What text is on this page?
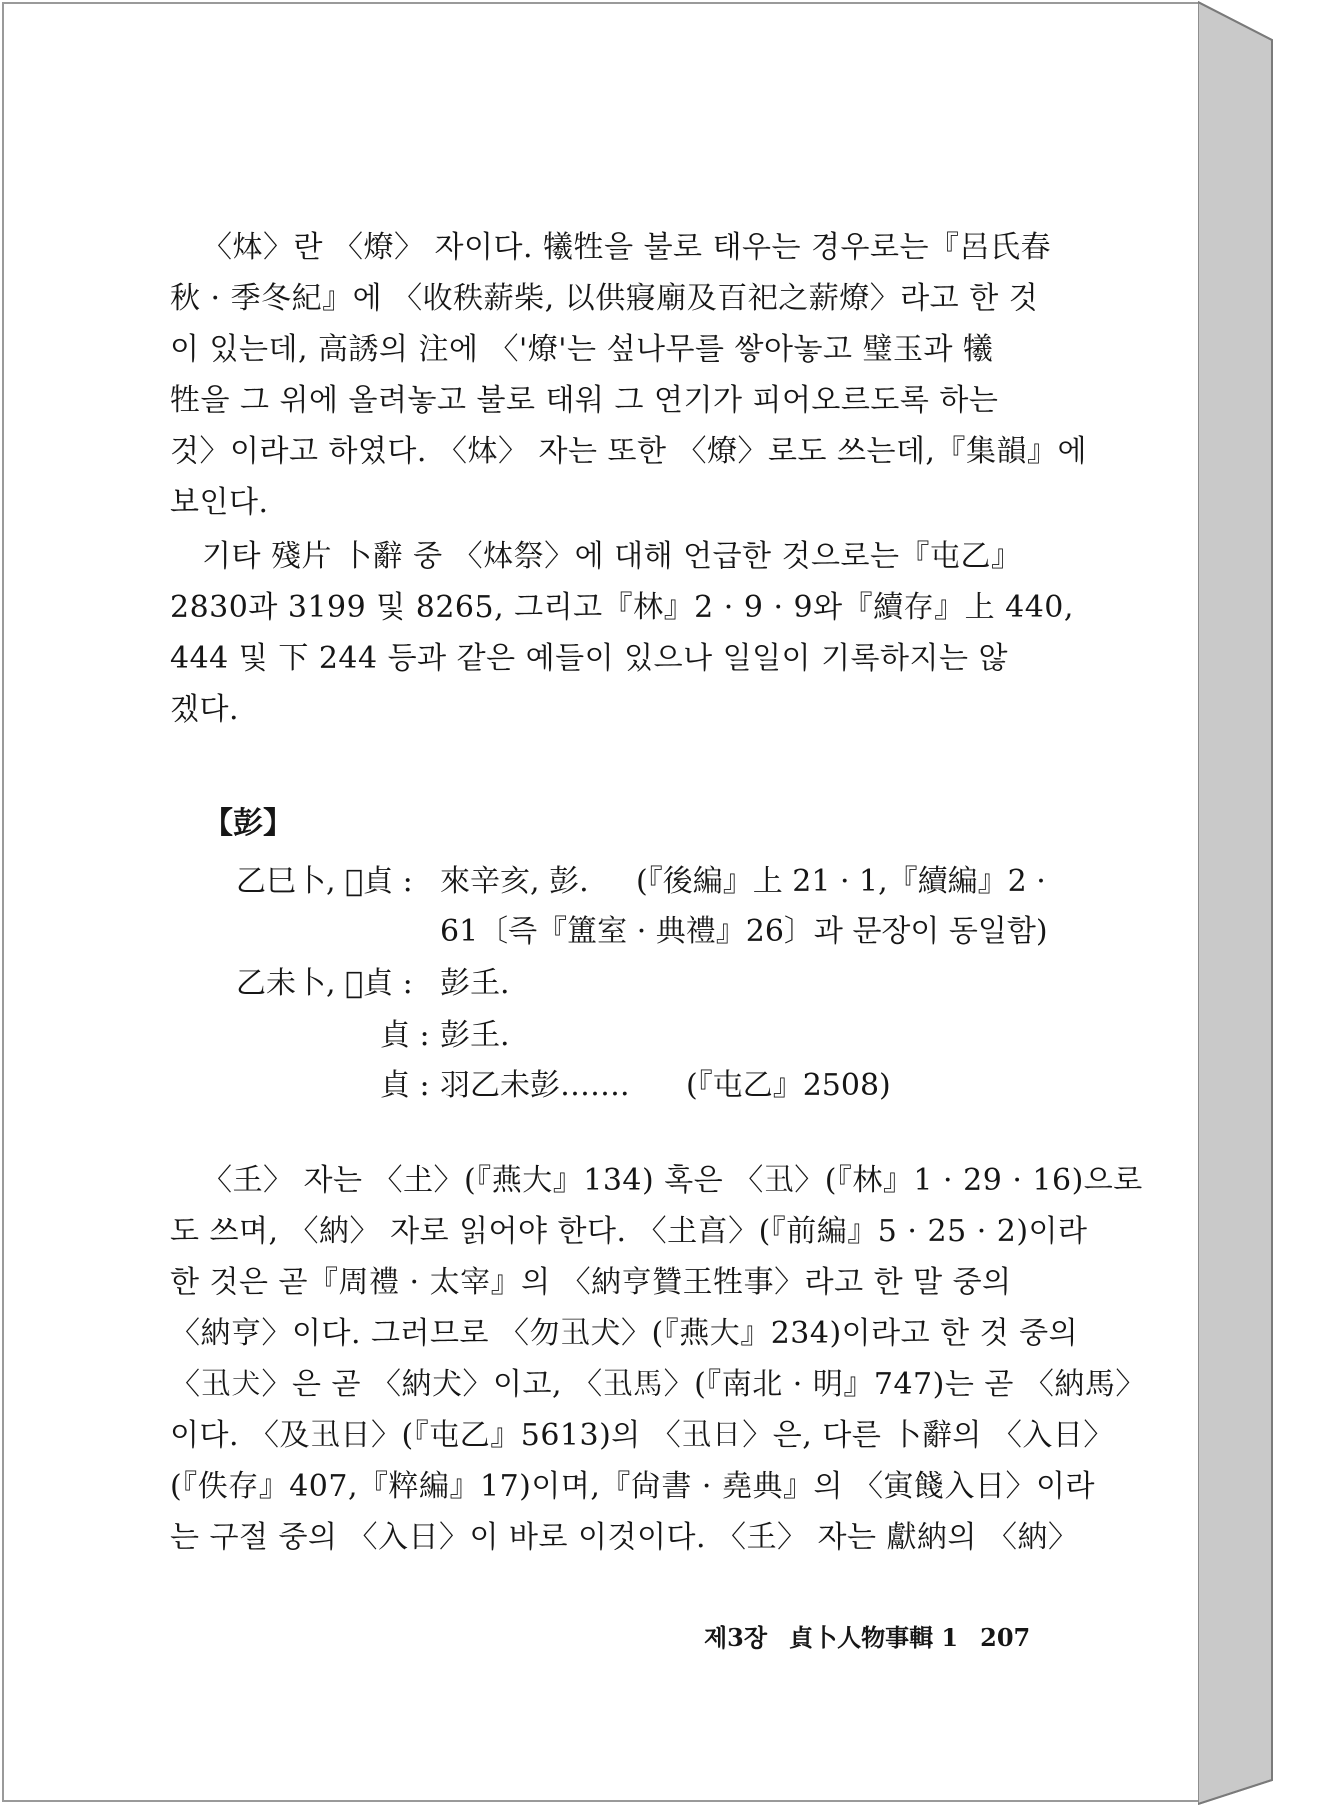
〈㶱〉란 〈燎〉 자이다. 犧牲을 불로 태우는 경우로는『呂氏春
秋 · 季冬紀』에 〈收秩薪柴, 以供寢廟及百祀之薪燎〉라고 한 것
이 있는데, 高誘의 注에 〈'燎'는 섶나무를 쌓아놓고 璧玉과 犧
牲을 그 위에 올려놓고 불로 태워 그 연기가 피어오르도록 하는
것〉이라고 하였다. 〈㶱〉 자는 또한 〈燎〉로도 쓰는데,『集韻』에
보인다.

기타 殘片 卜辭 중 〈㶱祭〉에 대해 언급한 것으로는『屯乙』
2830과 3199 및 8265, 그리고『林』2 · 9 · 9와『續存』上 440,
444 및 下 244 등과 같은 예들이 있으나 일일이 기록하지는 않
겠다.

【彭】
乙巳卜, 𡧊貞 : 來辛亥, 彭. (『後編』上 21 · 1,『續編』2 ·
61〔즉『簠室 · 典禮』26〕과 문장이 동일함)
乙未卜, 𡧊貞 : 彭𡈼.
貞 : 彭𡈼.
貞 : 羽乙未彭……. (『屯乙』2508)

〈𡈼〉 자는 〈𡈽〉(『燕大』134) 혹은 〈𡈾〉(『林』1 · 29 · 16)으로
도 쓰며, 〈納〉 자로 읽어야 한다. 〈𡈽亯〉(『前編』5 · 25 · 2)이라
한 것은 곧『周禮 · 太宰』의 〈納亨贊王牲事〉라고 한 말 중의
〈納亨〉이다. 그러므로 〈勿𡈾犬〉(『燕大』234)이라고 한 것 중의
〈𡈾犬〉은 곧 〈納犬〉이고, 〈𡈾馬〉(『南北 · 明』747)는 곧 〈納馬〉
이다. 〈及𡈾日〉(『屯乙』5613)의 〈𡈾日〉은, 다른 卜辭의 〈入日〉
(『佚存』407,『粹編』17)이며,『尙書 · 堯典』의 〈寅餞入日〉이라
는 구절 중의 〈入日〉이 바로 이것이다. 〈𡈼〉 자는 獻納의 〈納〉

제3장 貞卜人物事輯 1 207
